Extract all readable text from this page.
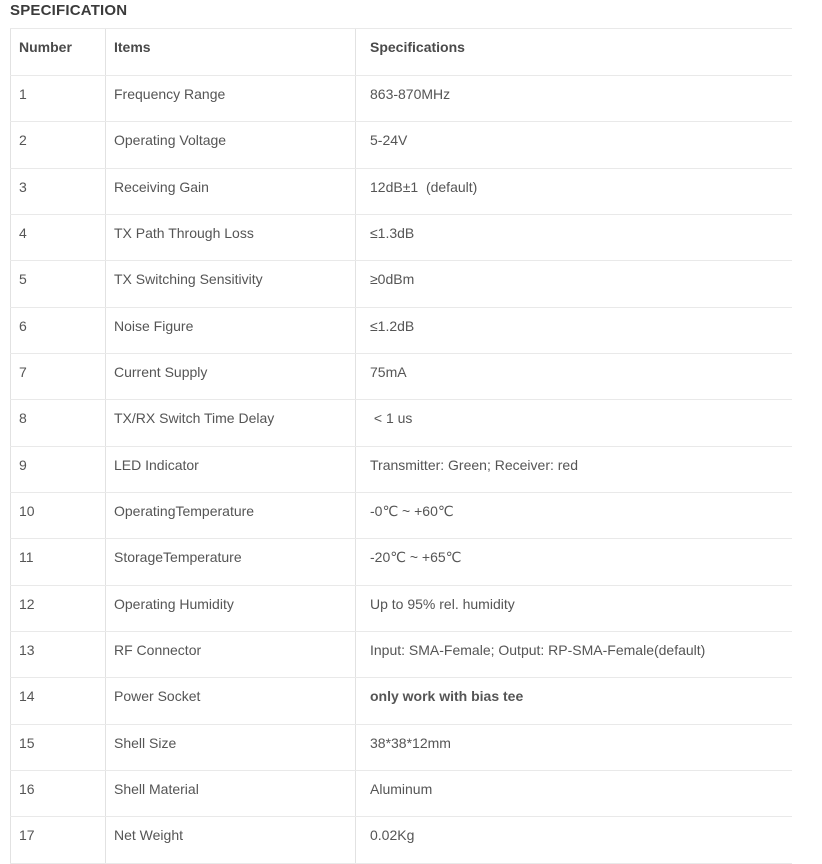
SPECIFICATION
Number	Items	Specifications
1	Frequency Range	863-870MHz
2	Operating Voltage	5-24V
3	Receiving Gain	12dB±1  (default)
4	TX Path Through Loss	≤1.3dB
5	TX Switching Sensitivity	≥0dBm
6	Noise Figure	≤1.2dB
7	Current Supply	75mA
8	TX/RX Switch Time Delay	< 1 us
9	LED Indicator	Transmitter: Green; Receiver: red
10	OperatingTemperature	-0℃ ~ +60℃
11	StorageTemperature	-20℃ ~ +65℃
12	Operating Humidity	Up to 95% rel. humidity
13	RF Connector	Input: SMA-Female; Output: RP-SMA-Female(default)
14	Power Socket	only work with bias tee
15	Shell Size	38*38*12mm
16	Shell Material	Aluminum
17	Net Weight	0.02Kg
